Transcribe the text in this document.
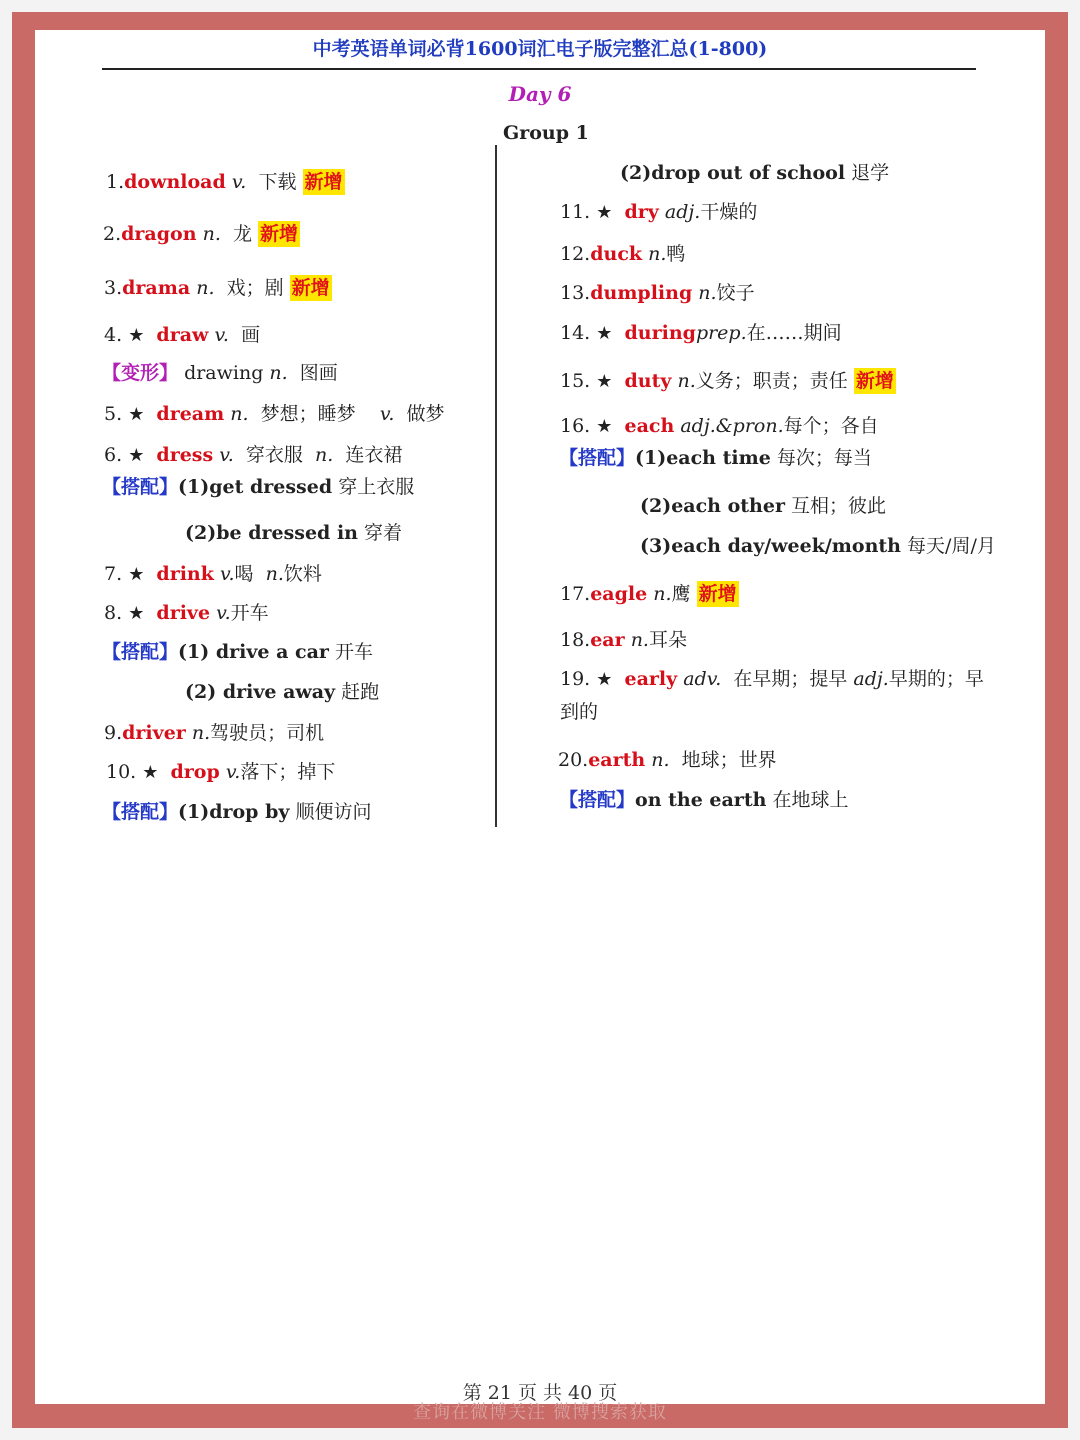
中考英语单词必背1600词汇电子版完整汇总(1-800)
Day 6
Group 1
1.download v. 下载 新增
2.dragon n. 龙 新增
3.drama n. 戏；剧 新增
4. ★ draw v. 画
【变形】 drawing n. 图画
5. ★ dream n. 梦想；睡梦 v. 做梦
6. ★ dress v. 穿衣服 n. 连衣裙
【搭配】(1)get dressed 穿上衣服
(2)be dressed in 穿着
7. ★ drink v.喝 n.饮料
8. ★ drive v.开车
【搭配】(1) drive a car 开车
(2) drive away 赶跑
9.driver n.驾驶员；司机
10. ★ drop v.落下；掉下
【搭配】(1)drop by 顺便访问
(2)drop out of school 退学
11. ★ dry adj.干燥的
12.duck n.鸭
13.dumpling n.饺子
14. ★ duringprep.在……期间
15. ★ duty n.义务；职责；责任 新增
16. ★ each adj.&pron.每个；各自
【搭配】(1)each time 每次；每当
(2)each other 互相；彼此
(3)each day/week/month 每天/周/月
17.eagle n.鹰 新增
18.ear n.耳朵
19. ★ early adv. 在早期；提早 adj.早期的；早
到的
20.earth n. 地球；世界
【搭配】on the earth 在地球上
第 21 页 共 40 页
查询在微博关注 微博搜索获取
